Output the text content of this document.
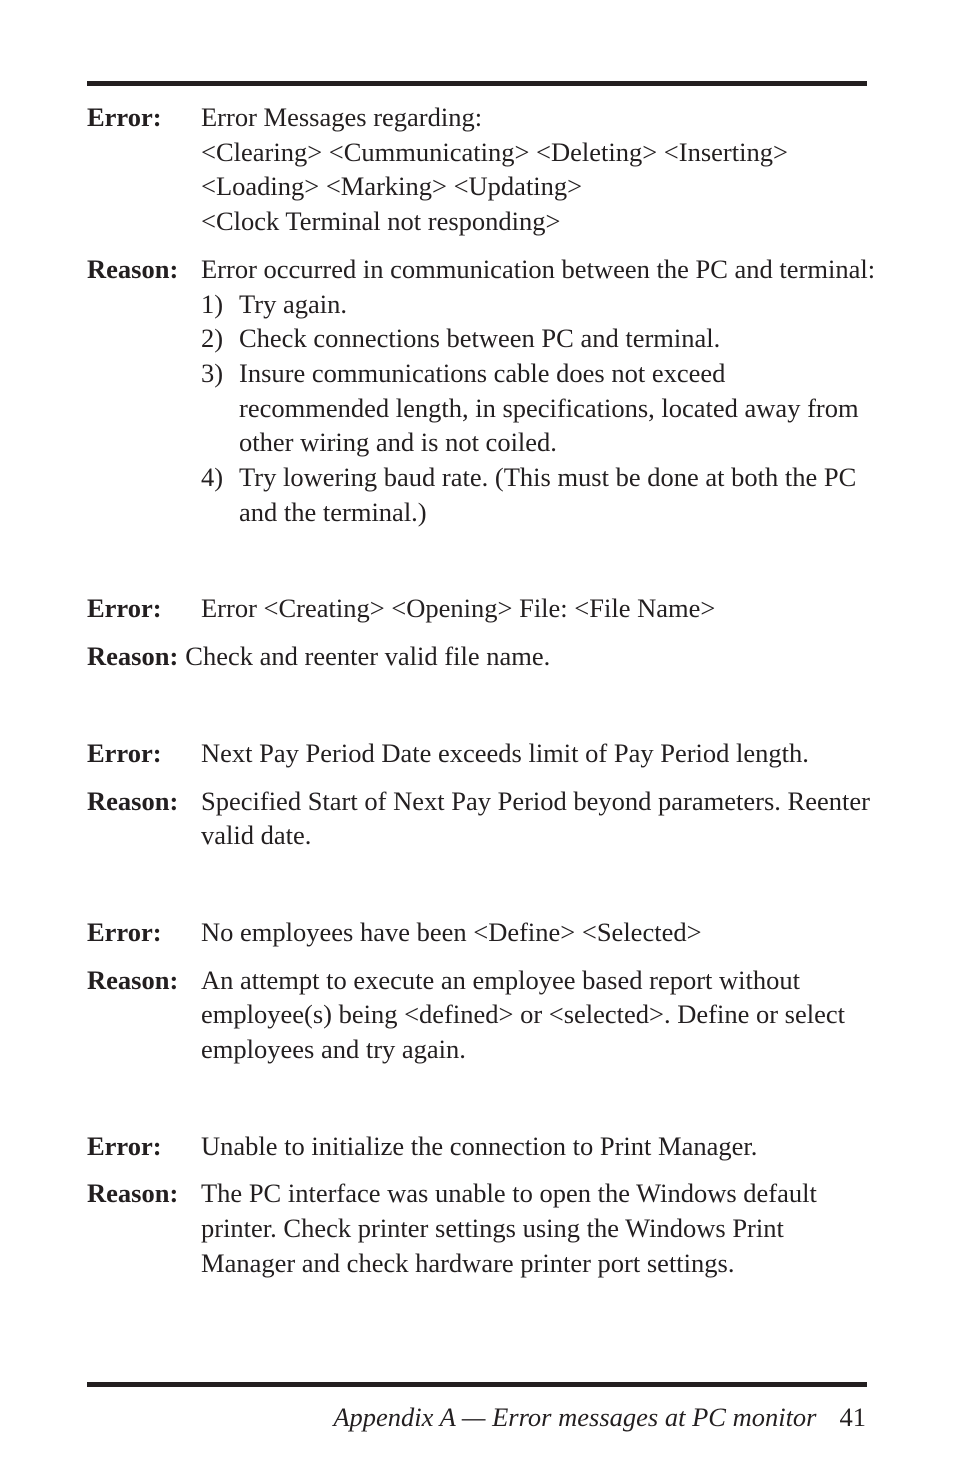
Error:	Error Messages regarding:
<Clearing> <Cummunicating> <Deleting> <Inserting>
<Loading> <Marking> <Updating>
<Clock Terminal not responding>
Reason: Error occurred in communication between the PC and terminal:
1) Try again.
2) Check connections between PC and terminal.
3) Insure communications cable does not exceed recommended length, in specifications, located away from other wiring and is not coiled.
4) Try lowering baud rate. (This must be done at both the PC and the terminal.)
Error:	Error <Creating> <Opening> File: <File Name>
Reason: Check and reenter valid file name.
Error:	Next Pay Period Date exceeds limit of Pay Period length.
Reason: Specified Start of Next Pay Period beyond parameters. Reenter valid date.
Error:	No employees have been <Define> <Selected>
Reason: An attempt to execute an employee based report without employee(s) being <defined> or <selected>. Define or select employees and try again.
Error:	Unable to initialize the connection to Print Manager.
Reason: The PC interface was unable to open the Windows default printer. Check printer settings using the Windows Print Manager and check hardware printer port settings.
Appendix A — Error messages at PC monitor 41
